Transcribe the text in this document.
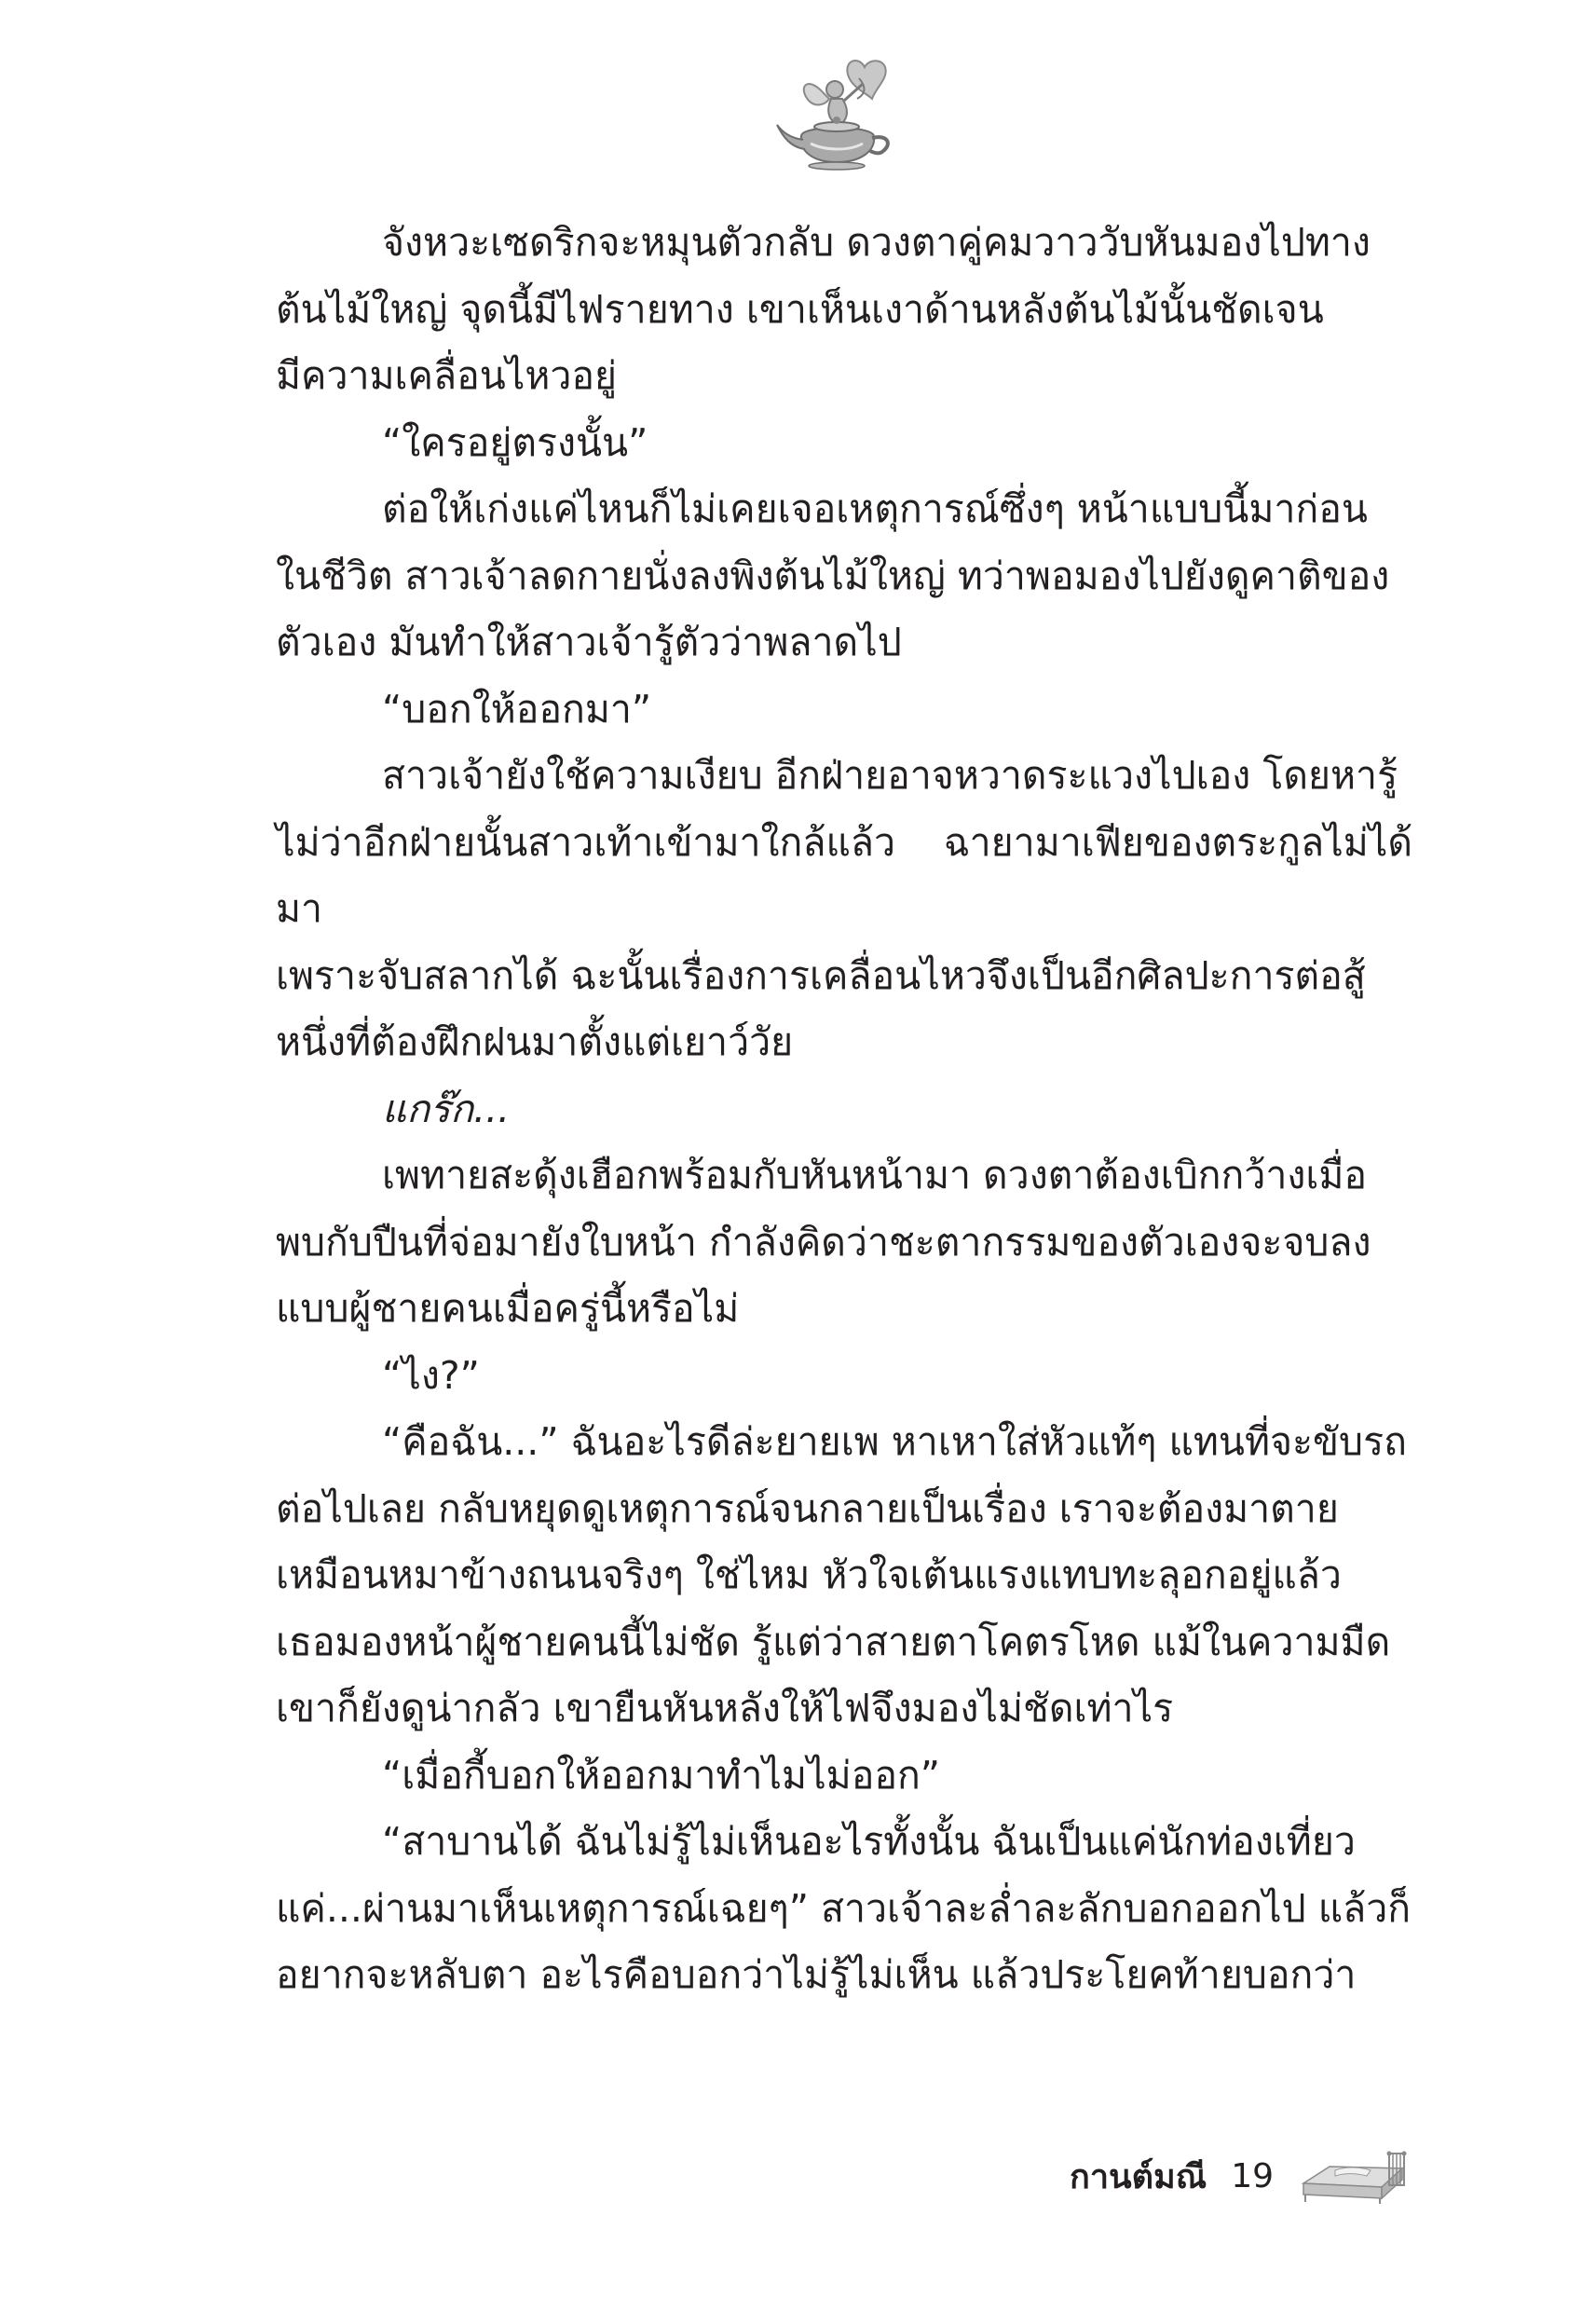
จังหวะเซดริกจะหมุนตัวกลับ ดวงตาคู่คมวาววับหันมองไปทาง
ต้นไม้ใหญ่ จุดนี้มีไฟรายทาง เขาเห็นเงาด้านหลังต้นไม้นั้นชัดเจน
มีความเคลื่อนไหวอยู่

“ใครอยู่ตรงนั้น”

ต่อให้เก่งแค่ไหนก็ไม่เคยเจอเหตุการณ์ซึ่งๆ หน้าแบบนี้มาก่อน
ในชีวิต สาวเจ้าลดกายนั่งลงพิงต้นไม้ใหญ่ ทว่าพอมองไปยังดูคาติของ
ตัวเอง มันทำให้สาวเจ้ารู้ตัวว่าพลาดไป

“บอกให้ออกมา”

สาวเจ้ายังใช้ความเงียบ อีกฝ่ายอาจหวาดระแวงไปเอง โดยหารู้
ไม่ว่าอีกฝ่ายนั้นสาวเท้าเข้ามาใกล้แล้ว ฉายามาเฟียของตระกูลไม่ได้มา
เพราะจับสลากได้ ฉะนั้นเรื่องการเคลื่อนไหวจึงเป็นอีกศิลปะการต่อสู้
หนึ่งที่ต้องฝึกฝนมาตั้งแต่เยาว์วัย

แกร๊ก...

เพทายสะดุ้งเฮือกพร้อมกับหันหน้ามา ดวงตาต้องเบิกกว้างเมื่อ
พบกับปืนที่จ่อมายังใบหน้า กำลังคิดว่าชะตากรรมของตัวเองจะจบลง
แบบผู้ชายคนเมื่อครู่นี้หรือไม่

“ไง?”

“คือฉัน...” ฉันอะไรดีล่ะยายเพ หาเหาใส่หัวแท้ๆ แทนที่จะขับรถ
ต่อไปเลย กลับหยุดดูเหตุการณ์จนกลายเป็นเรื่อง เราจะต้องมาตาย
เหมือนหมาข้างถนนจริงๆ ใช่ไหม หัวใจเต้นแรงแทบทะลุอกอยู่แล้ว
เธอมองหน้าผู้ชายคนนี้ไม่ชัด รู้แต่ว่าสายตาโคตรโหด แม้ในความมืด
เขาก็ยังดูน่ากลัว เขายืนหันหลังให้ไฟจึงมองไม่ชัดเท่าไร

“เมื่อกี้บอกให้ออกมาทำไมไม่ออก”

“สาบานได้ ฉันไม่รู้ไม่เห็นอะไรทั้งนั้น ฉันเป็นแค่นักท่องเที่ยว
แค่...ผ่านมาเห็นเหตุการณ์เฉยๆ” สาวเจ้าละล่ำละลักบอกออกไป แล้วก็
อยากจะหลับตา อะไรคือบอกว่าไม่รู้ไม่เห็น แล้วประโยคท้ายบอกว่า

กานต์มณี 19
